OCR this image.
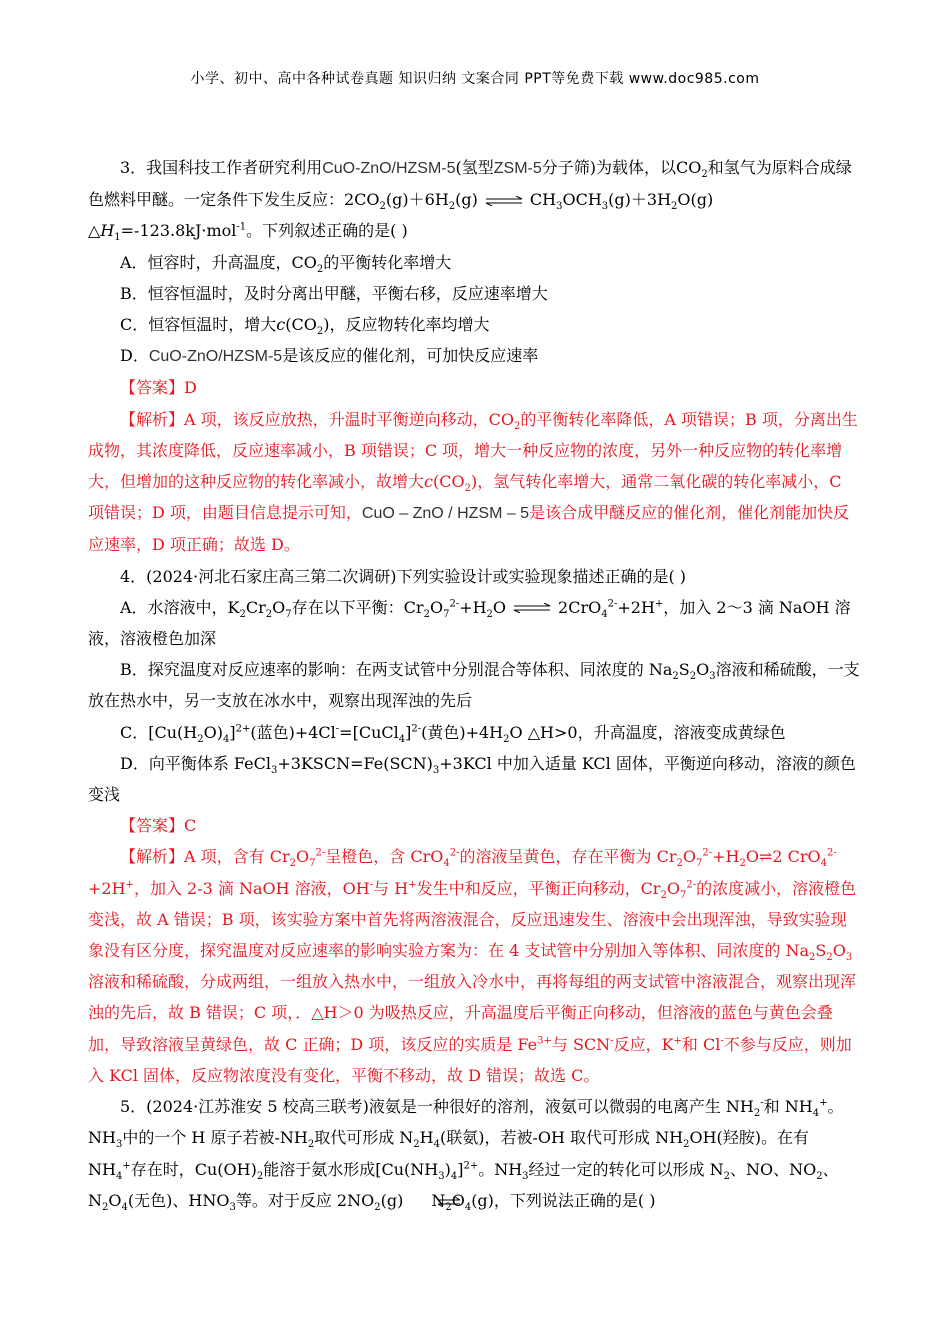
小学、初中、高中各种试卷真题 知识归纳 文案合同 PPT等免费下载 www.doc985.com

3．我国科技工作者研究利用CuO-ZnO/HZSM-5(氢型ZSM-5分子筛)为载体，以$CO_2$和氢气为原料合成绿色燃料甲醚。一定条件下发生反应：$2CO_2(g)+6H_2(g)$ ⇌ $CH_3OCH_3(g)+3H_2O(g)$

$\triangle H_1=-123.8kJ\cdot mol^{-1}$。下列叙述正确的是( )

A．恒容时，升高温度，$CO_2$的平衡转化率增大

B．恒容恒温时，及时分离出甲醚，平衡右移，反应速率增大

C．恒容恒温时，增大$c(CO_2)$，反应物转化率均增大

D．CuO-ZnO/HZSM-5是该反应的催化剂，可加快反应速率

【答案】D

【解析】A 项，该反应放热，升温时平衡逆向移动，$CO_2$的平衡转化率降低，A 项错误；B 项，分离出生成物，其浓度降低，反应速率减小，B 项错误；C 项，增大一种反应物的浓度，另外一种反应物的转化率增大，但增加的这种反应物的转化率减小，故增大$c(CO_2)$，氢气转化率增大，通常二氧化碳的转化率减小，C 项错误；D 项，由题目信息提示可知，CuO – ZnO / HZSM – 5是该合成甲醚反应的催化剂，催化剂能加快反应速率，D 项正确；故选 D。

4．(2024·河北石家庄高三第二次调研)下列实验设计或实验现象描述正确的是( )

A．水溶液中，$K_2Cr_2O_7$存在以下平衡：$Cr_2O_7^{2-}+H_2O$ ⇌ 2CrO$_4^{2-}$+2H+，加入 2～3 滴 NaOH 溶液，溶液橙色加深

B．探究温度对反应速率的影响：在两支试管中分别混合等体积、同浓度的 $Na_2S_2O_3$溶液和稀硫酸，一支放在热水中，另一支放在冰水中，观察出现浑浊的先后

C．$[Cu(H_2O)_4]^{2+}$(蓝色)+4Cl-=[CuCl$_4$]$^{2-}$(黄色)$+4H_2O$ △H>0，升高温度，溶液变成黄绿色

D．向平衡体系 $FeCl_3+3KSCN=Fe(SCN)_3+3KCl$ 中加入适量 KCl 固体，平衡逆向移动，溶液的颜色变浅

【答案】C

【解析】A 项，含有 $Cr_2O_7^{2-}$呈橙色，含 CrO$_4^{2-}$的溶液呈黄色，存在平衡为 $Cr_2O_7^{2-}+H_2O\rightleftharpoons 2$ CrO$_4^{2-}$+2H+，加入 2-3 滴 NaOH 溶液，OH-与 H+发生中和反应，平衡正向移动，$Cr_2O_7^{2-}$的浓度减小，溶液橙色变浅，故 A 错误；B 项，该实验方案中首先将两溶液混合，反应迅速发生、溶液中会出现浑浊，导致实验现象没有区分度，探究温度对反应速率的影响实验方案为：在 4 支试管中分别加入等体积、同浓度的 $Na_2S_2O_3$溶液和稀硫酸，分成两组，一组放入热水中，一组放入冷水中，再将每组的两支试管中溶液混合，观察出现浑浊的先后，故 B 错误；C 项，．△H＞0 为吸热反应，升高温度后平衡正向移动，但溶液的蓝色与黄色会叠加，导致溶液呈黄绿色，故 C 正确；D 项，该反应的实质是 $Fe^{3+}$与 SCN-反应，K+和 Cl-不参与反应，则加入 KCl 固体，反应物浓度没有变化，平衡不移动，故 D 错误；故选 C。

5．(2024·江苏淮安 5 校高三联考)液氨是一种很好的溶剂，液氨可以微弱的电离产生 $NH_2^-$和 $NH_4^+$。$NH_3$中的一个 H 原子若被$-NH_2$取代可形成 $N_2H_4$(联氨)，若被-OH 取代可形成 $NH_2OH$(羟胺)。在有 $NH_4^+$存在时，$Cu(OH)_2$能溶于氨水形成$[Cu(NH_3)_4]^{2+}$。$NH_3$经过一定的转化可以形成 $N_2$、NO、$NO_2$、$N_2O_4$(无色)、$HNO_3$等。对于反应 $2NO_2(g)$ $N_2O_4(g)$，下列说法正确的是( )
